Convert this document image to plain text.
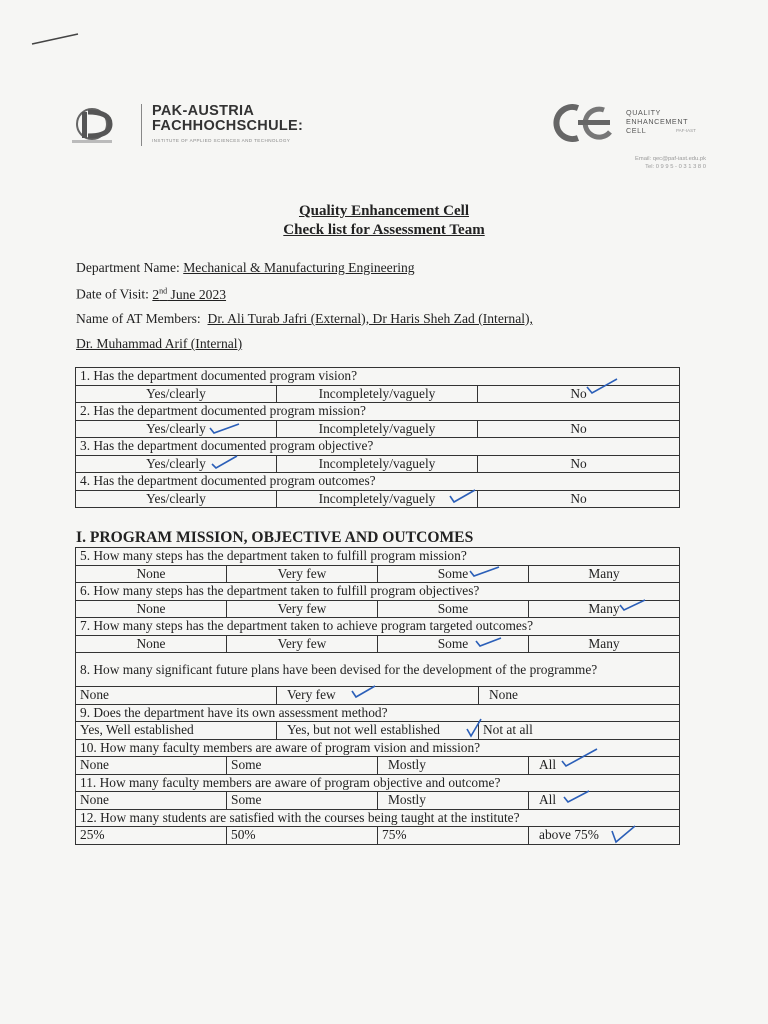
PAK-AUSTRIA
FACHHOCHSCHULE:
INSTITUTE OF APPLIED SCIENCES AND TECHNOLOGY
QUALITY
ENHANCEMENT
CELL	PAF-IAST
Email: qec@paf-iast.edu.pk
Tel: 0 9 9 5 - 0 3 1 3 8 0
Quality Enhancement Cell
Check list for Assessment Team
Department Name: Mechanical & Manufacturing Engineering
Date of Visit: 2nd June 2023
Name of AT Members: Dr. Ali Turab Jafri (External), Dr Haris Sheh Zad (Internal),
Dr. Muhammad Arif (Internal)
1. Has the department documented program vision?		
Yes/clearly	Incompletely/vaguely	No
2. Has the department documented program mission?		
Yes/clearly	Incompletely/vaguely	No
3. Has the department documented program objective?		
Yes/clearly	Incompletely/vaguely	No
4. Has the department documented program outcomes?		
Yes/clearly	Incompletely/vaguely	No
I. PROGRAM MISSION, OBJECTIVE AND OUTCOMES
5. How many steps has the department taken to fulfill program mission?					
None	Very few		Some		Many
6. How many steps has the department taken to fulfill program objectives?					
None	Very few		Some		Many
7. How many steps has the department taken to achieve program targeted outcomes?					
None	Very few		Some		Many
8. How many significant future plans have been devised for the development of the programme?					
None		Very few		None	
9. Does the department have its own assessment method?					
Yes, Well established		Yes, but not well established		Not at all	
10. How many faculty members are aware of program vision and mission?					
None	Some		Mostly		All
11. How many faculty members are aware of program objective and outcome?					
None	Some		Mostly		All
12. How many students are satisfied with the courses being taught at the institute?					
25%	50%		75%		above 75%
